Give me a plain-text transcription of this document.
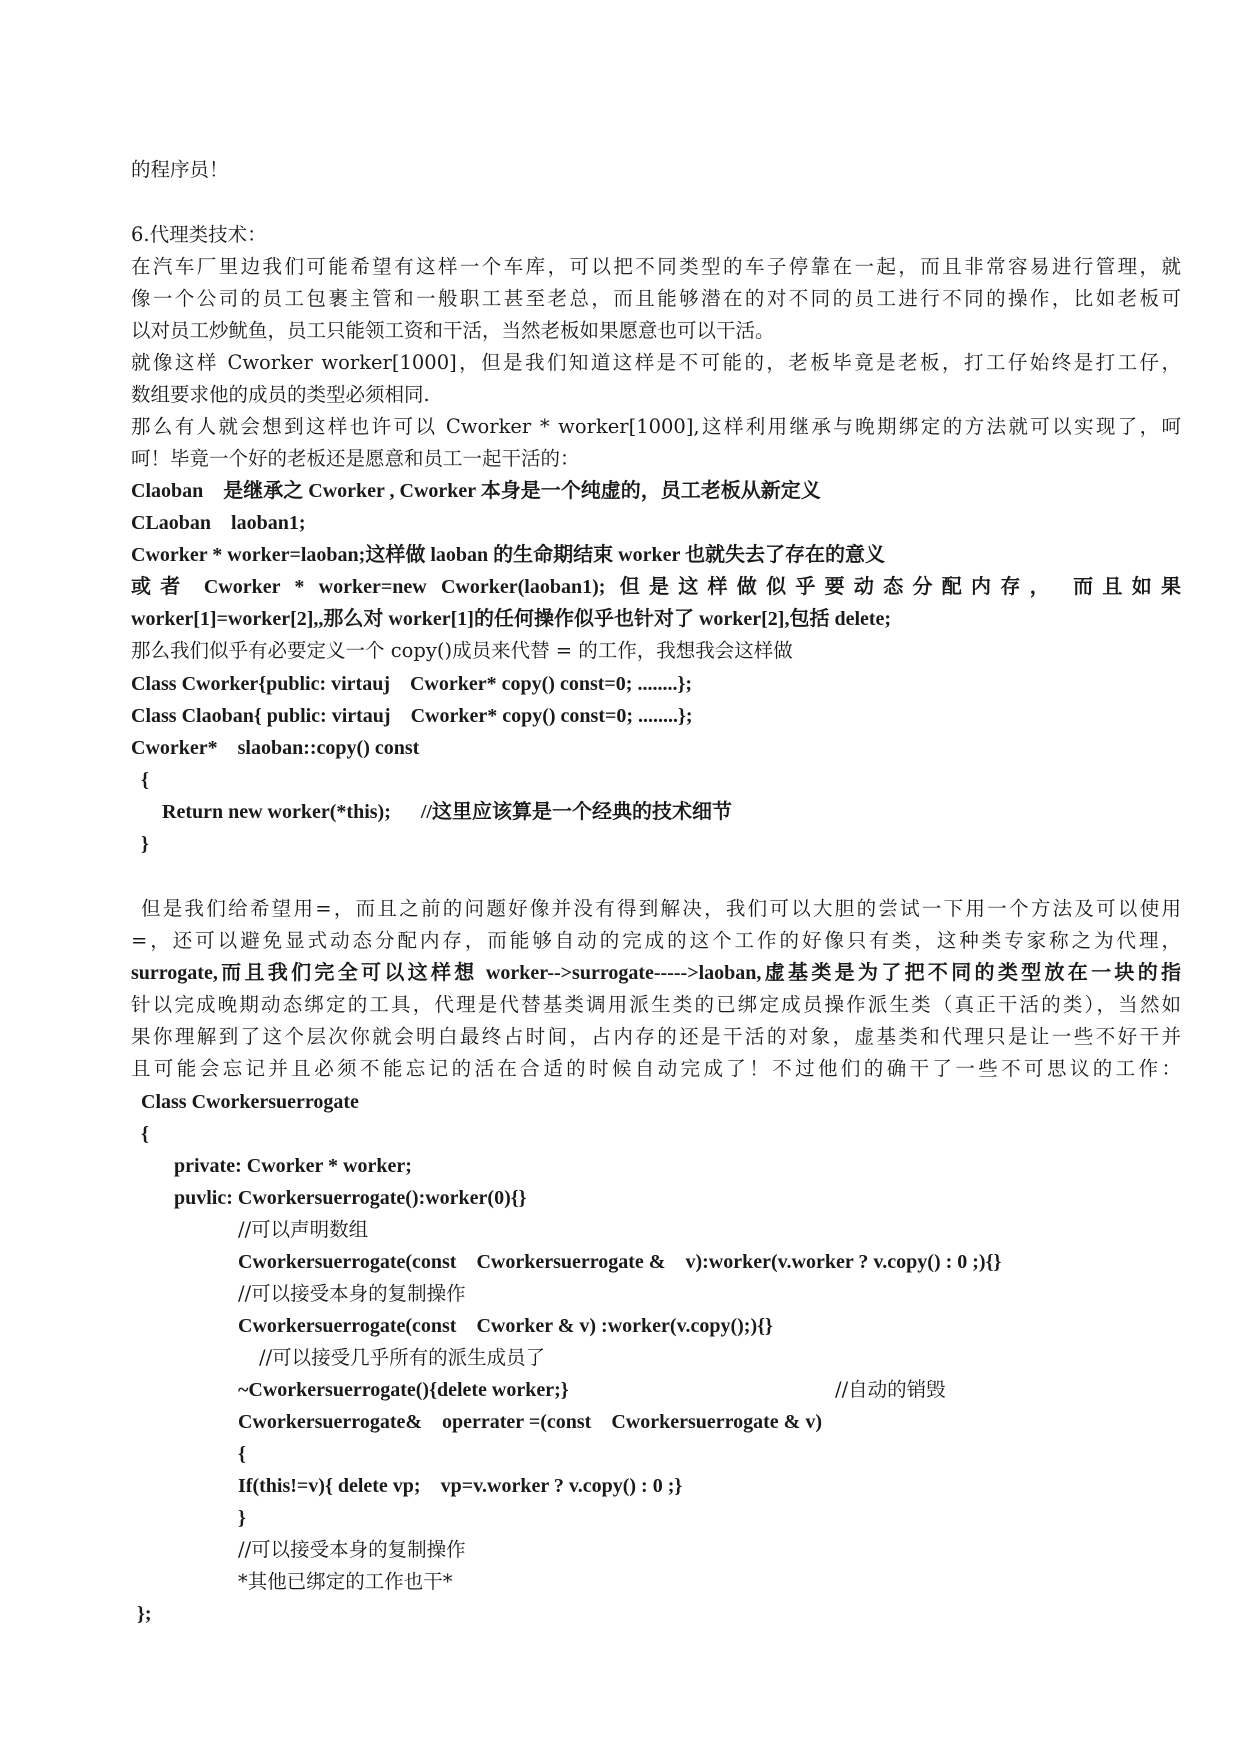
的程序员！
6.代理类技术：
在汽车厂里边我们可能希望有这样一个车库，可以把不同类型的车子停靠在一起，而且非常容易进行管理，就
像一个公司的员工包裹主管和一般职工甚至老总，而且能够潜在的对不同的员工进行不同的操作，比如老板可
以对员工炒鱿鱼，员工只能领工资和干活，当然老板如果愿意也可以干活。
就像这样 Cworker worker[1000]，但是我们知道这样是不可能的，老板毕竟是老板，打工仔始终是打工仔，
数组要求他的成员的类型必须相同.
那么有人就会想到这样也许可以 Cworker * worker[1000],这样利用继承与晚期绑定的方法就可以实现了，呵
呵！毕竟一个好的老板还是愿意和员工一起干活的：
Claoban    是继承之 Cworker , Cworker 本身是一个纯虚的，员工老板从新定义
CLaoban    laoban1;
Cworker * worker=laoban;这样做 laoban 的生命期结束 worker 也就失去了存在的意义
或者 Cworker * worker=new Cworker(laoban1); 但是这样做似乎要动态分配内存， 而且如果
worker[1]=worker[2],,那么对 worker[1]的任何操作似乎也针对了 worker[2],包括 delete;
那么我们似乎有必要定义一个 copy()成员来代替 = 的工作，我想我会这样做
Class Cworker{public: virtauj    Cworker* copy() const=0; ........};
Class Claoban{ public: virtauj    Cworker* copy() const=0; ........};
Cworker*    slaoban::copy() const
{
Return new worker(*this);      //这里应该算是一个经典的技术细节
}
但是我们给希望用=，而且之前的问题好像并没有得到解决，我们可以大胆的尝试一下用一个方法及可以使用
=，还可以避免显式动态分配内存，而能够自动的完成的这个工作的好像只有类，这种类专家称之为代理，
surrogate,而且我们完全可以这样想 worker-->surrogate----->laoban,虚基类是为了把不同的类型放在一块的指
针以完成晚期动态绑定的工具，代理是代替基类调用派生类的已绑定成员操作派生类（真正干活的类），当然如
果你理解到了这个层次你就会明白最终占时间，占内存的还是干活的对象，虚基类和代理只是让一些不好干并
且可能会忘记并且必须不能忘记的活在合适的时候自动完成了！不过他们的确干了一些不可思议的工作：
Class Cworkersuerrogate
{
private: Cworker * worker;
puvlic: Cworkersuerrogate():worker(0){}
//可以声明数组
Cworkersuerrogate(const    Cworkersuerrogate &    v):worker(v.worker ? v.copy() : 0 ;){}
//可以接受本身的复制操作
Cworkersuerrogate(const    Cworker & v) :worker(v.copy();){}
//可以接受几乎所有的派生成员了
~Cworkersuerrogate(){delete worker;}	//自动的销毁
Cworkersuerrogate&    operrater =(const    Cworkersuerrogate & v)
{
If(this!=v){ delete vp;    vp=v.worker ? v.copy() : 0 ;}
}
//可以接受本身的复制操作
*其他已绑定的工作也干*
};
